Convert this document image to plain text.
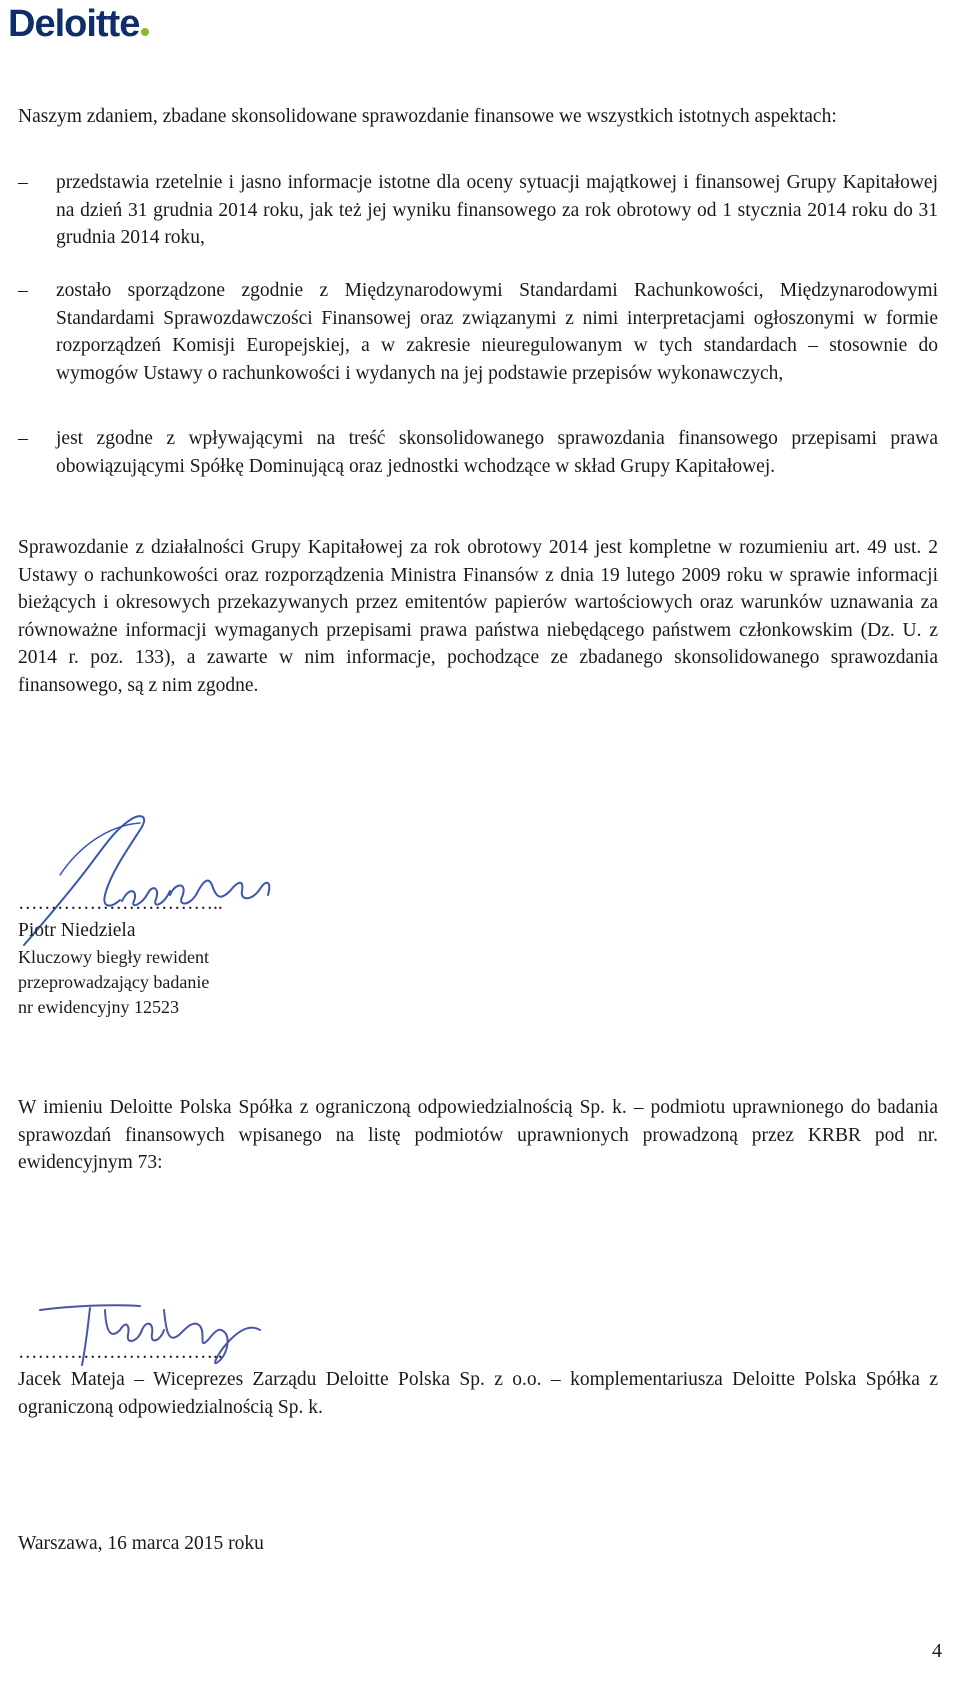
Deloitte

Naszym zdaniem, zbadane skonsolidowane sprawozdanie finansowe we wszystkich istotnych aspektach:

–	przedstawia rzetelnie i jasno informacje istotne dla oceny sytuacji majątkowej i finansowej Grupy Kapitałowej na dzień 31 grudnia 2014 roku, jak też jej wyniku finansowego za rok obrotowy od 1 stycznia 2014 roku do 31 grudnia 2014 roku,
–	zostało sporządzone zgodnie z Międzynarodowymi Standardami Rachunkowości, Międzynarodowymi Standardami Sprawozdawczości Finansowej oraz związanymi z nimi interpretacjami ogłoszonymi w formie rozporządzeń Komisji Europejskiej, a w zakresie nieuregulowanym w tych standardach – stosownie do wymogów Ustawy o rachunkowości i wydanych na jej podstawie przepisów wykonawczych,
–	jest zgodne z wpływającymi na treść skonsolidowanego sprawozdania finansowego przepisami prawa obowiązującymi Spółkę Dominującą oraz jednostki wchodzące w skład Grupy Kapitałowej.

Sprawozdanie z działalności Grupy Kapitałowej za rok obrotowy 2014 jest kompletne w rozumieniu art. 49 ust. 2 Ustawy o rachunkowości oraz rozporządzenia Ministra Finansów z dnia 19 lutego 2009 roku w sprawie informacji bieżących i okresowych przekazywanych przez emitentów papierów wartościowych oraz warunków uznawania za równoważne informacji wymaganych przepisami prawa państwa niebędącego państwem członkowskim (Dz. U. z 2014 r. poz. 133), a zawarte w nim informacje, pochodzące ze zbadanego skonsolidowanego sprawozdania finansowego, są z nim zgodne.

…………………………..
Piotr Niedziela
Kluczowy biegły rewident
przeprowadzający badanie
nr ewidencyjny 12523

W imieniu Deloitte Polska Spółka z ograniczoną odpowiedzialnością Sp. k. – podmiotu uprawnionego do badania sprawozdań finansowych wpisanego na listę podmiotów uprawnionych prowadzoną przez KRBR pod nr. ewidencyjnym 73:

…………………………..

Jacek Mateja – Wiceprezes Zarządu Deloitte Polska Sp. z o.o. – komplementariusza Deloitte Polska Spółka z ograniczoną odpowiedzialnością Sp. k.

Warszawa, 16 marca 2015 roku
4
